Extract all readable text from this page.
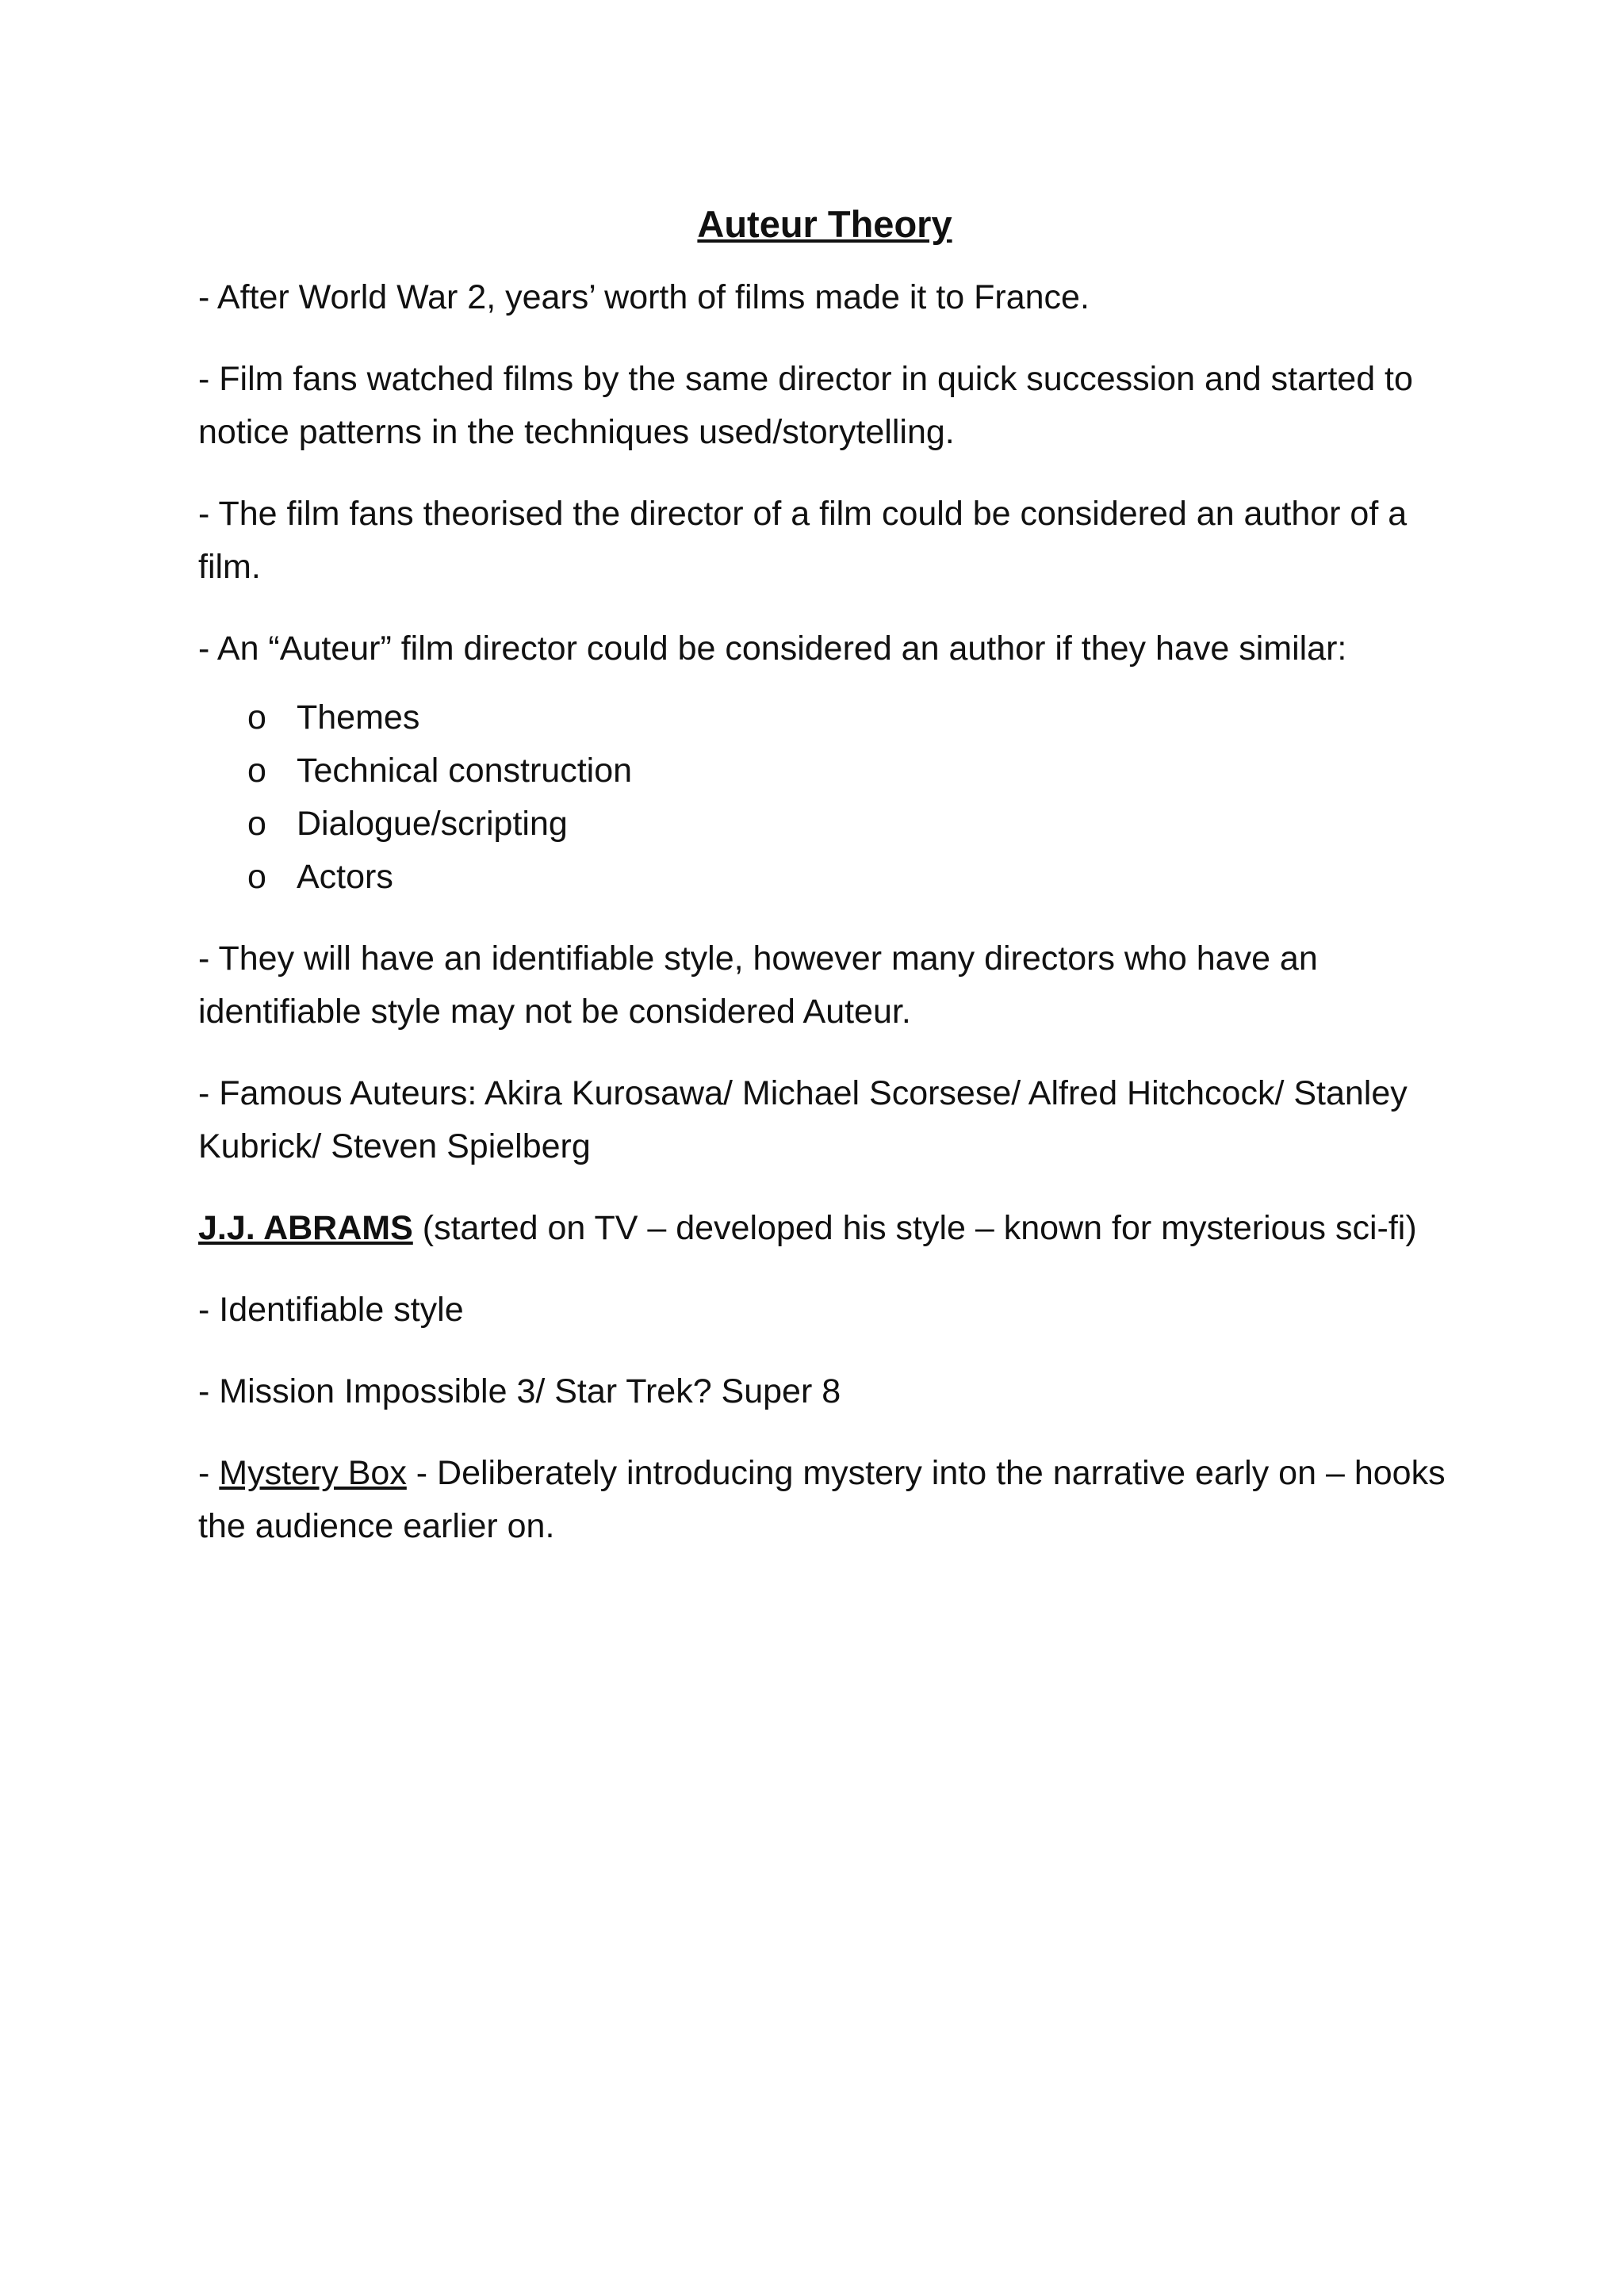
Auteur Theory

- After World War 2, years’ worth of films made it to France.

- Film fans watched films by the same director in quick succession and started to notice patterns in the techniques used/storytelling.

- The film fans theorised the director of a film could be considered an author of a film.

- An “Auteur” film director could be considered an author if they have similar:

o Themes
o Technical construction
o Dialogue/scripting
o Actors

- They will have an identifiable style, however many directors who have an identifiable style may not be considered Auteur.

- Famous Auteurs: Akira Kurosawa/ Michael Scorsese/ Alfred Hitchcock/ Stanley Kubrick/ Steven Spielberg

J.J. ABRAMS (started on TV – developed his style – known for mysterious sci-fi)

- Identifiable style

- Mission Impossible 3/ Star Trek? Super 8

- Mystery Box - Deliberately introducing mystery into the narrative early on – hooks the audience earlier on.
